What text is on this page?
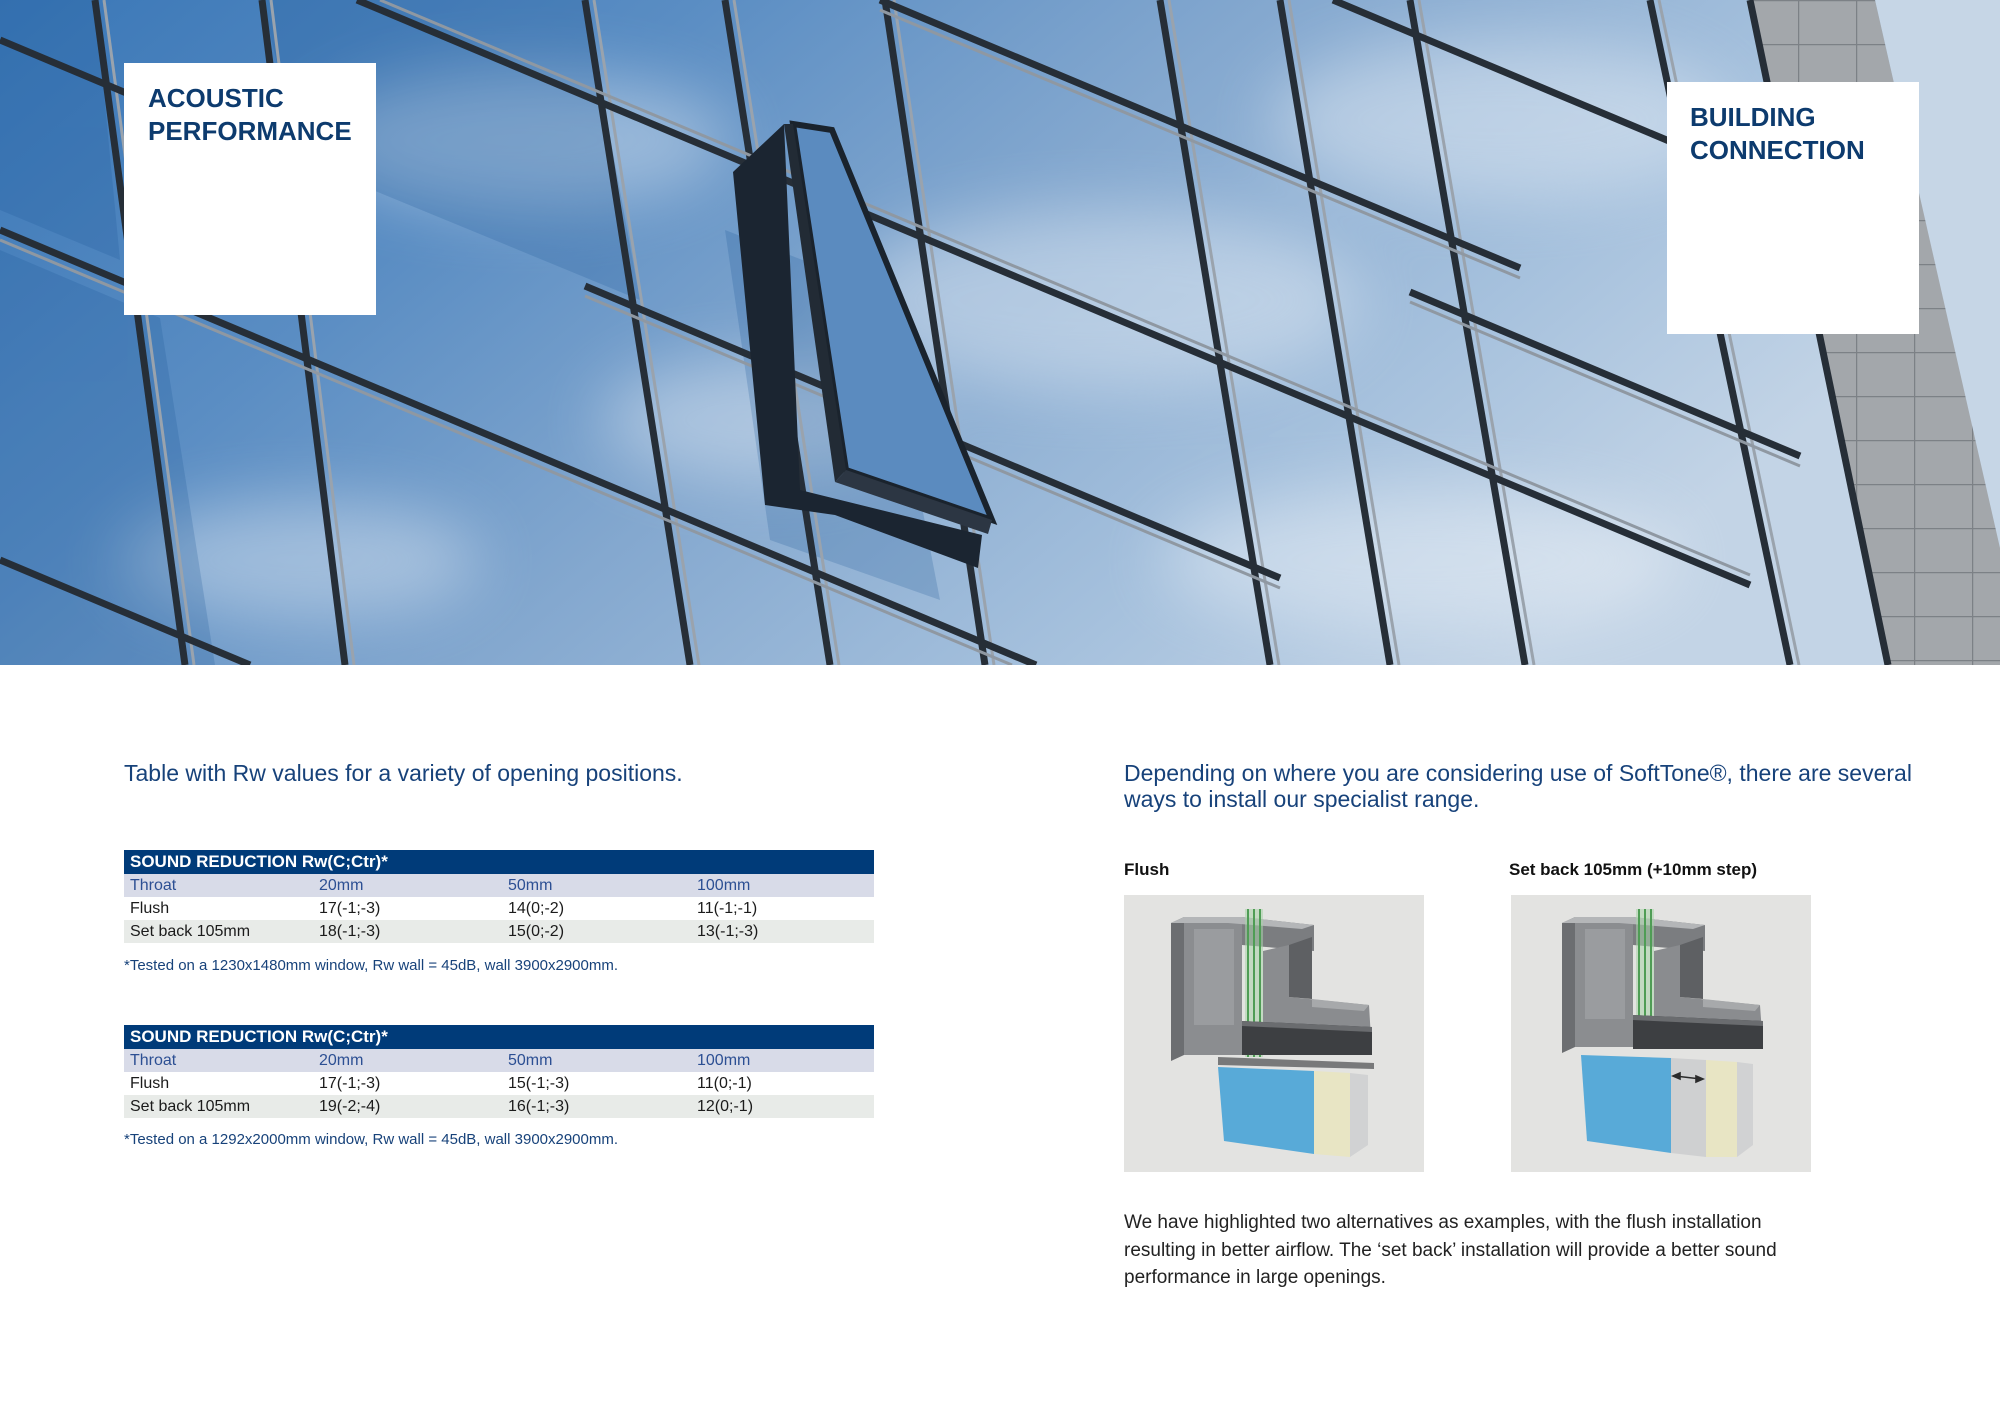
ACOUSTIC
PERFORMANCE	BUILDING
CONNECTION

Table with Rw values for a variety of opening positions.

SOUND REDUCTION Rw(C;Ctr)*
Throat	20mm	50mm	100mm
Flush	17(-1;-3)	14(0;-2)	11(-1;-1)
Set back 105mm	18(-1;-3)	15(0;-2)	13(-1;-3)

*Tested on a 1230x1480mm window, Rw wall = 45dB, wall 3900x2900mm.

SOUND REDUCTION Rw(C;Ctr)*
Throat	20mm	50mm	100mm
Flush	17(-1;-3)	15(-1;-3)	11(0;-1)
Set back 105mm	19(-2;-4)	16(-1;-3)	12(0;-1)

*Tested on a 1292x2000mm window, Rw wall = 45dB, wall 3900x2900mm.

Depending on where you are considering use of SoftTone®, there are several ways to install our specialist range.

Flush	Set back 105mm (+10mm step)

We have highlighted two alternatives as examples, with the flush installation resulting in better airflow. The ‘set back’ installation will provide a better sound performance in large openings.
